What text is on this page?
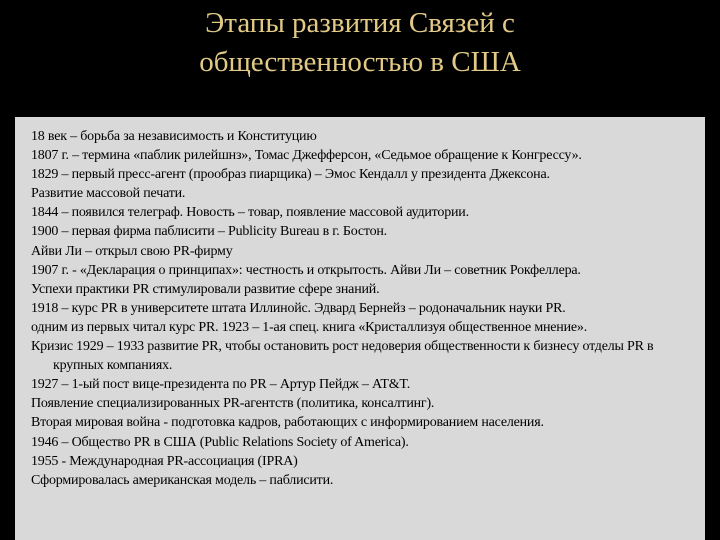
Этапы развития Связей с общественностью в США
18 век – борьба за независимость и Конституцию
1807 г. – термина «паблик рилейшнз», Томас Джефферсон, «Седьмое обращение к Конгрессу».
1829 – первый пресс-агент (прообраз пиарщика) – Эмос Кендалл у президента Джексона.
Развитие массовой печати.
1844 – появился телеграф. Новость – товар, появление массовой аудитории.
1900 – первая фирма паблисити – Publicity Bureau в г. Бостон.
Айви Ли – открыл свою PR-фирму
1907 г. - «Декларация о принципах»: честность и открытость. Айви Ли – советник Рокфеллера.
Успехи практики PR стимулировали развитие сфере знаний.
1918 – курс PR в университете штата Иллинойс. Эдвард Бернейз – родоначальник науки PR.
одним из первых читал курс PR. 1923 – 1-ая спец. книга «Кристаллизуя общественное мнение».
Кризис 1929 – 1933 развитие PR, чтобы остановить рост недоверия общественности к бизнесу отделы PR в крупных компаниях.
1927 – 1-ый пост вице-президента по PR – Артур Пейдж – AT&T.
Появление специализированных PR-агентств (политика, консалтинг).
Вторая мировая война - подготовка кадров, работающих с информированием населения.
1946 – Общество PR в США (Public Relations Society of America).
1955 - Международная PR-ассоциация (IPRA)
Сформировалась американская модель – паблисити.
